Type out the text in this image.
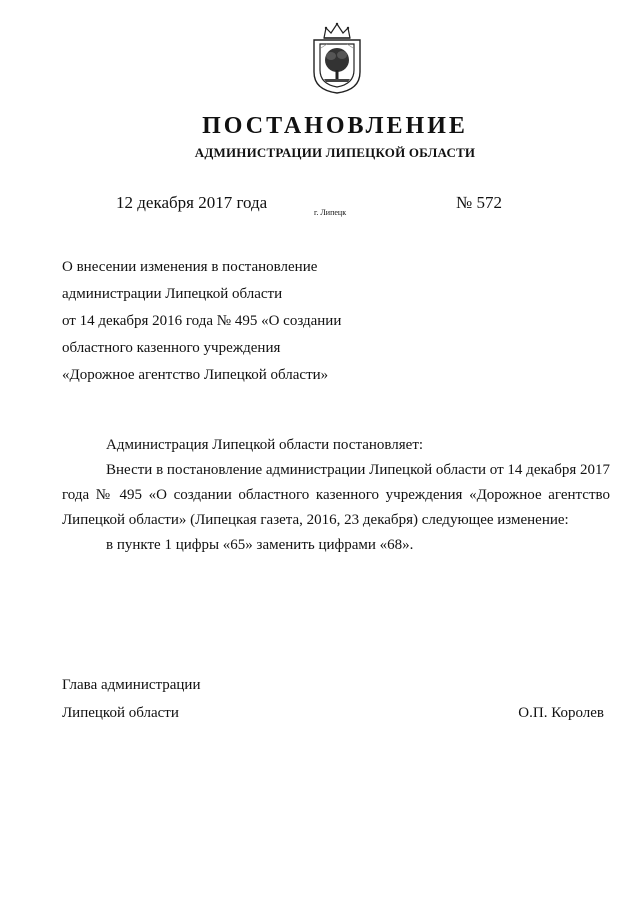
ПОСТАНОВЛЕНИЕ
АДМИНИСТРАЦИИ ЛИПЕЦКОЙ ОБЛАСТИ
12 декабря 2017 года
г. Липецк
№ 572
О внесении изменения в постановление
администрации Липецкой области
от 14 декабря 2016 года № 495 «О создании
областного казенного учреждения
«Дорожное агентство Липецкой области»
Администрация Липецкой области постановляет:
Внести в постановление администрации Липецкой области от 14 декабря 2017 года № 495 «О создании областного казенного учреждения «Дорожное агентство Липецкой области» (Липецкая газета, 2016, 23 декабря) следующее изменение:
в пункте 1 цифры «65» заменить цифрами «68».
Глава администрации
Липецкой области	О.П. Королев
